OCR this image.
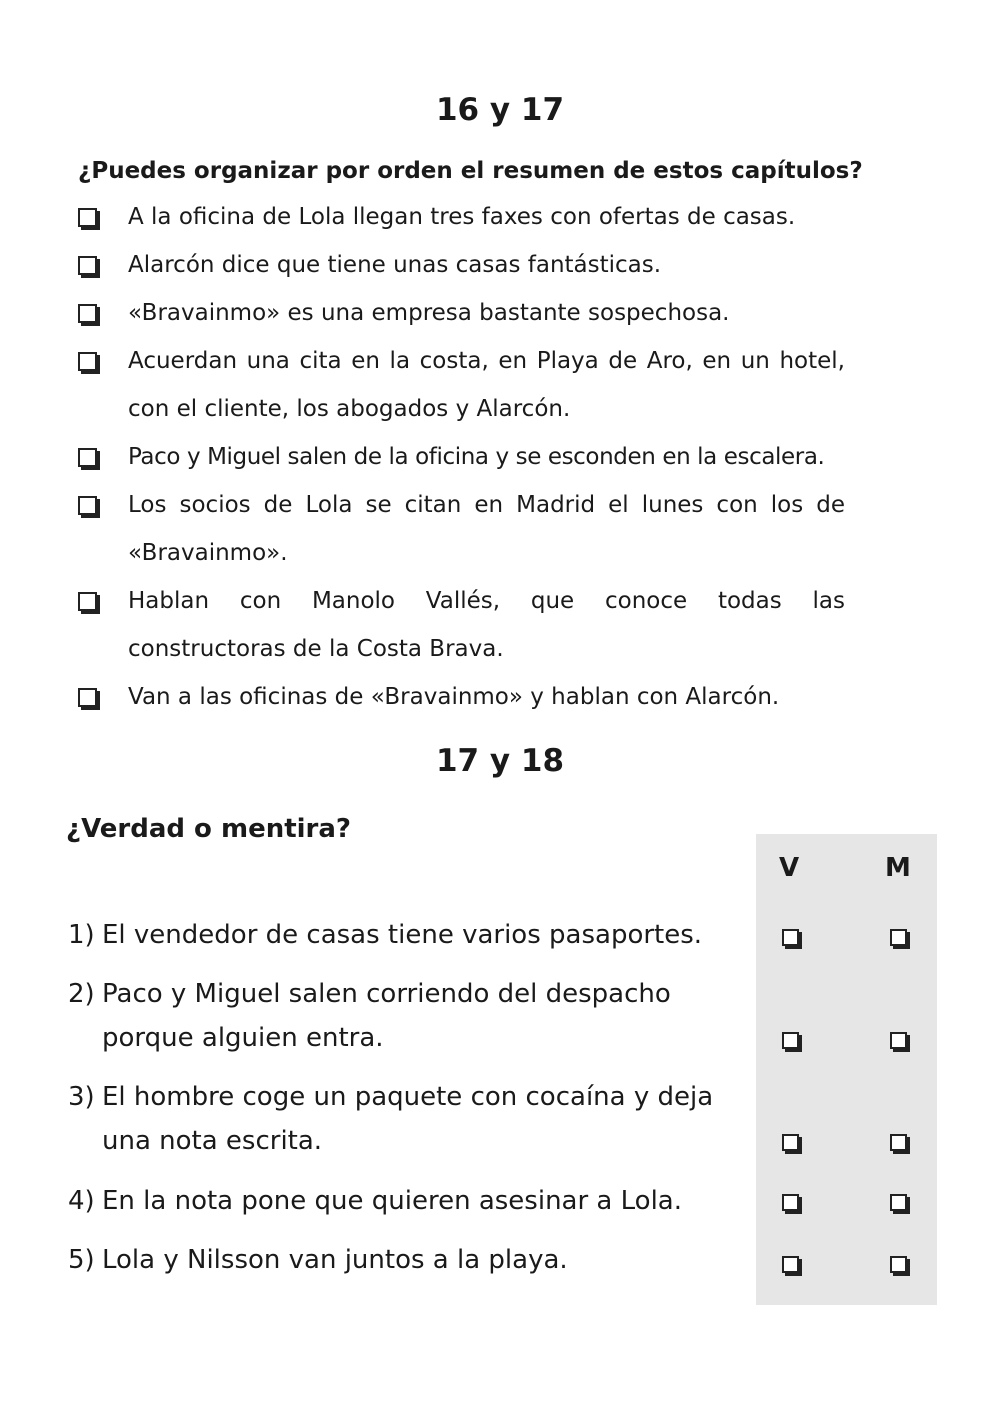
16 y 17

¿Puedes organizar por orden el resumen de estos capítulos?

A la oficina de Lola llegan tres faxes con ofertas de casas.
Alarcón dice que tiene unas casas fantásticas.
«Bravainmo» es una empresa bastante sospechosa.
Acuerdan una cita en la costa, en Playa de Aro, en un hotel, con el cliente, los abogados y Alarcón.
Paco y Miguel salen de la oficina y se esconden en la escalera.
Los socios de Lola se citan en Madrid el lunes con los de «Bravainmo».
Hablan con Manolo Vallés, que conoce todas las constructoras de la Costa Brava.
Van a las oficinas de «Bravainmo» y hablan con Alarcón.
17 y 18

¿Verdad o mentira?

V	M
1) El vendedor de casas tiene varios pasaportes.
2) Paco y Miguel salen corriendo del despacho
porque alguien entra.
3) El hombre coge un paquete con cocaína y deja
una nota escrita.
4) En la nota pone que quieren asesinar a Lola.
5) Lola y Nilsson van juntos a la playa.
